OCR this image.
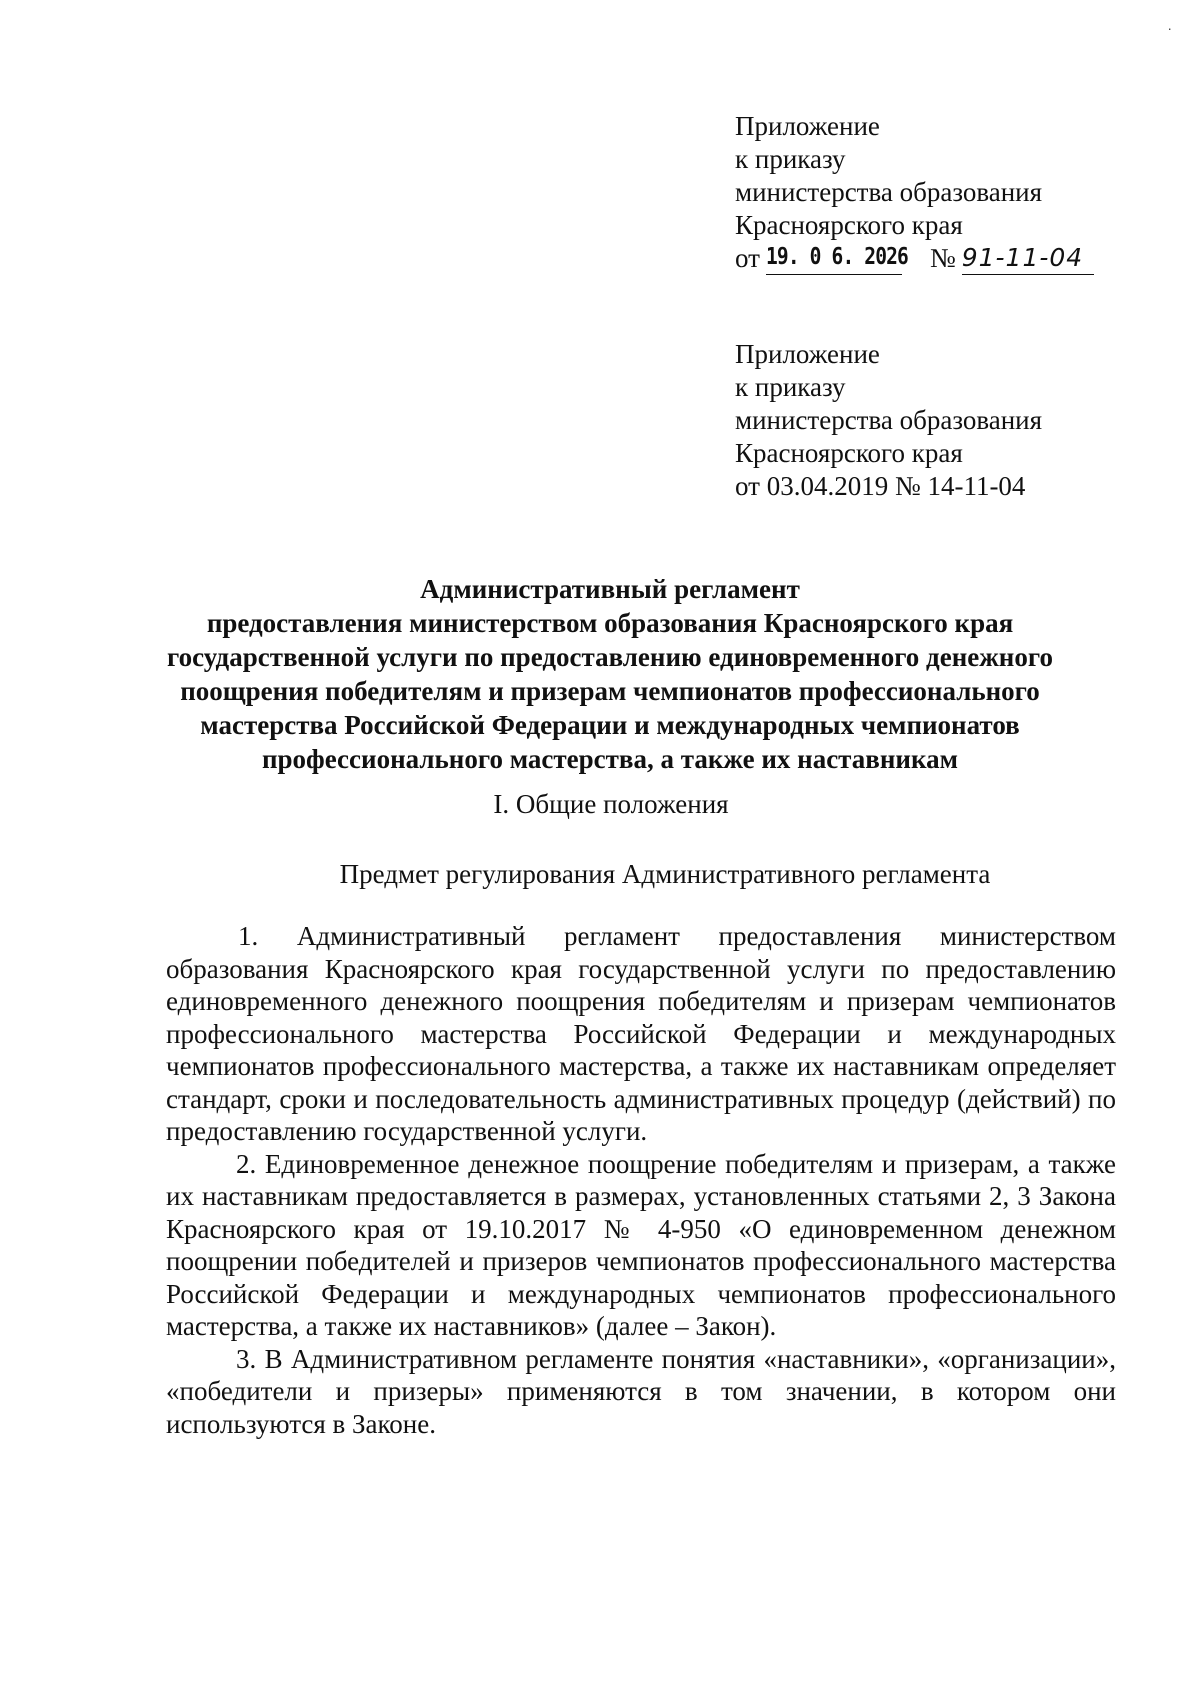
·
Приложение
к приказу
министерства образования
Красноярского края
от 19. 0 6. 2026 № 91-11-04
Приложение
к приказу
министерства образования
Красноярского края
от 03.04.2019 № 14-11-04
Административный регламент
предоставления министерством образования Красноярского края
государственной услуги по предоставлению единовременного денежного
поощрения победителям и призерам чемпионатов профессионального
мастерства Российской Федерации и международных чемпионатов
профессионального мастерства, а также их наставникам
I. Общие положения
Предмет регулирования Административного регламента

1. Административный регламент предоставления министерством образования Красноярского края государственной услуги по предоставлению единовременного денежного поощрения победителям и призерам чемпионатов профессионального мастерства Российской Федерации и международных чемпионатов профессионального мастерства, а также их наставникам определяет стандарт, сроки и последовательность административных процедур (действий) по предоставлению государственной услуги.

2. Единовременное денежное поощрение победителям и призерам, а также их наставникам предоставляется в размерах, установленных статьями 2, 3 Закона Красноярского края от 19.10.2017 № 4-950 «О единовременном денежном поощрении победителей и призеров чемпионатов профессионального мастерства Российской Федерации и международных чемпионатов профессионального мастерства, а также их наставников» (далее – Закон).

3. В Административном регламенте понятия «наставники», «организации», «победители и призеры» применяются в том значении, в котором они используются в Законе.
